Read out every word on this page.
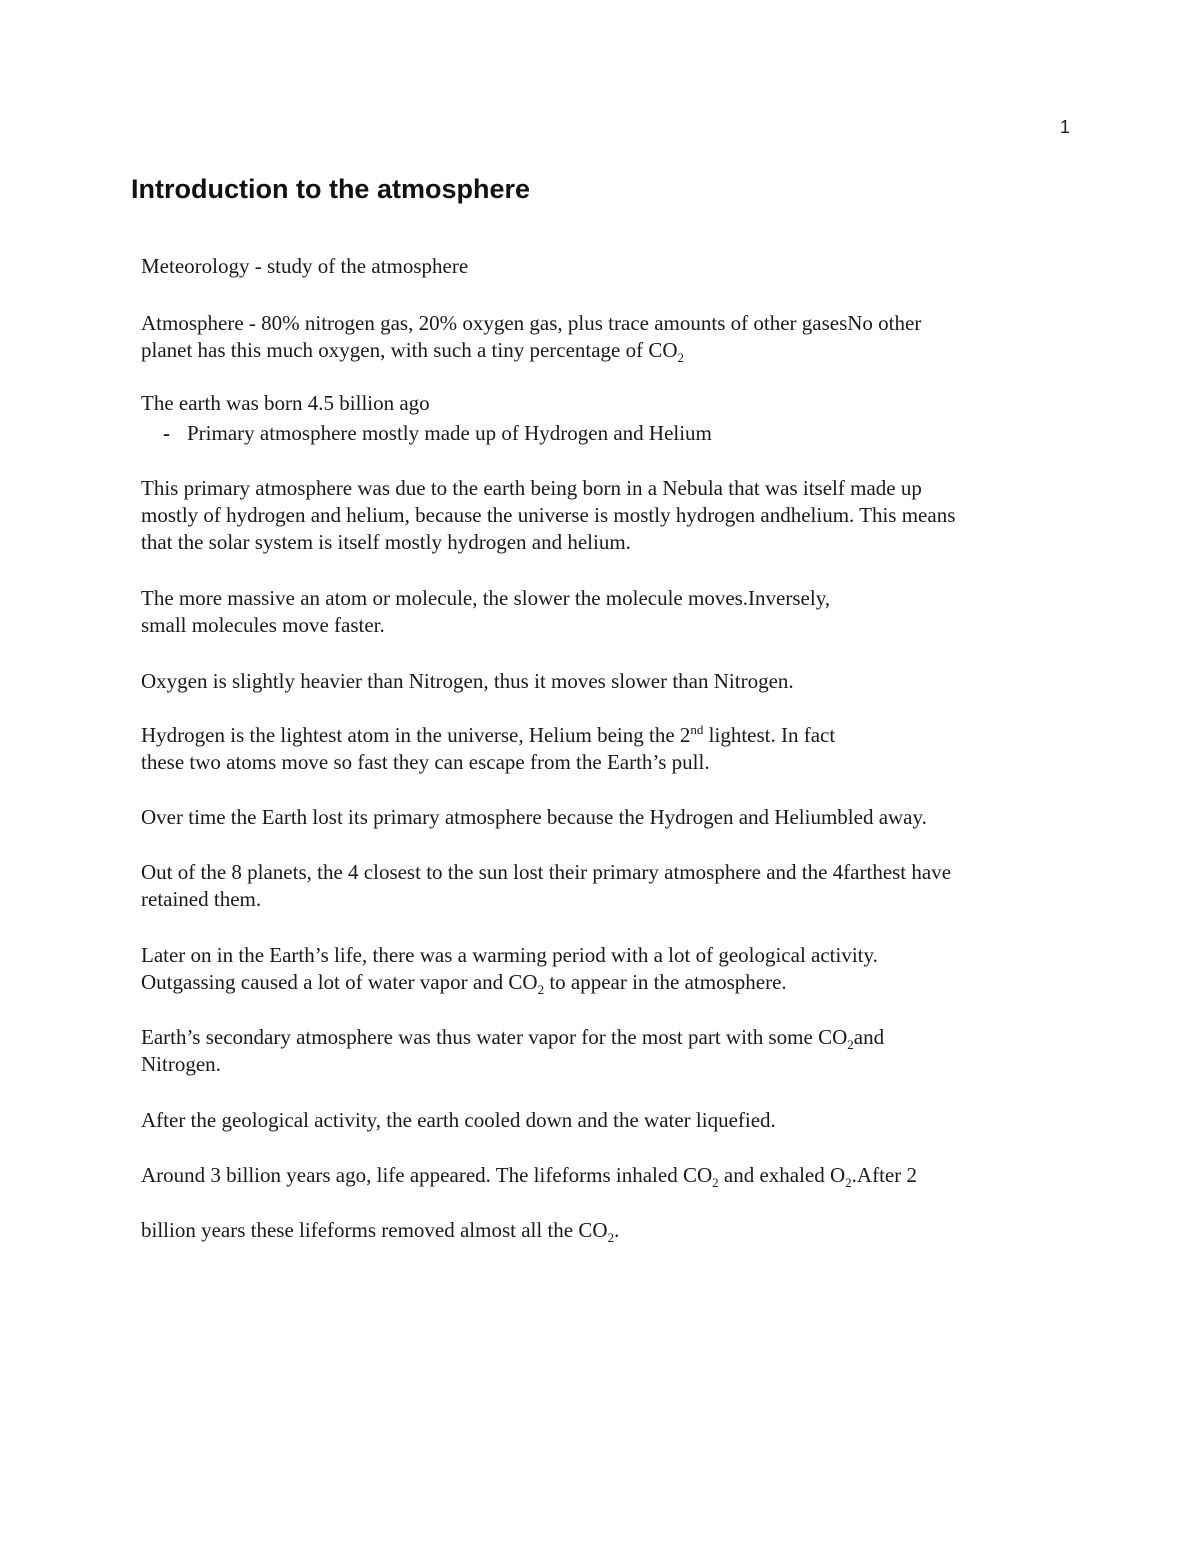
1
Introduction to the atmosphere

Meteorology - study of the atmosphere

Atmosphere - 80% nitrogen gas, 20% oxygen gas, plus trace amounts of other gasesNo other
planet has this much oxygen, with such a tiny percentage of $CO_2$

The earth was born 4.5 billion ago

- Primary atmosphere mostly made up of Hydrogen and Helium

This primary atmosphere was due to the earth being born in a Nebula that was itself made up
mostly of hydrogen and helium, because the universe is mostly hydrogen andhelium. This means
that the solar system is itself mostly hydrogen and helium.

The more massive an atom or molecule, the slower the molecule moves.Inversely,
small molecules move faster.

Oxygen is slightly heavier than Nitrogen, thus it moves slower than Nitrogen.

Hydrogen is the lightest atom in the universe, Helium being the 2nd lightest. In fact
these two atoms move so fast they can escape from the Earth’s pull.

Over time the Earth lost its primary atmosphere because the Hydrogen and Heliumbled away.

Out of the 8 planets, the 4 closest to the sun lost their primary atmosphere and the 4farthest have
retained them.

Later on in the Earth’s life, there was a warming period with a lot of geological activity.
Outgassing caused a lot of water vapor and $CO_2$ to appear in the atmosphere.

Earth’s secondary atmosphere was thus water vapor for the most part with some $CO_2and$
Nitrogen.

After the geological activity, the earth cooled down and the water liquefied.

Around 3 billion years ago, life appeared. The lifeforms inhaled $CO_2$ and exhaled $O_2.After$ 2

billion years these lifeforms removed almost all the $CO_2$.
